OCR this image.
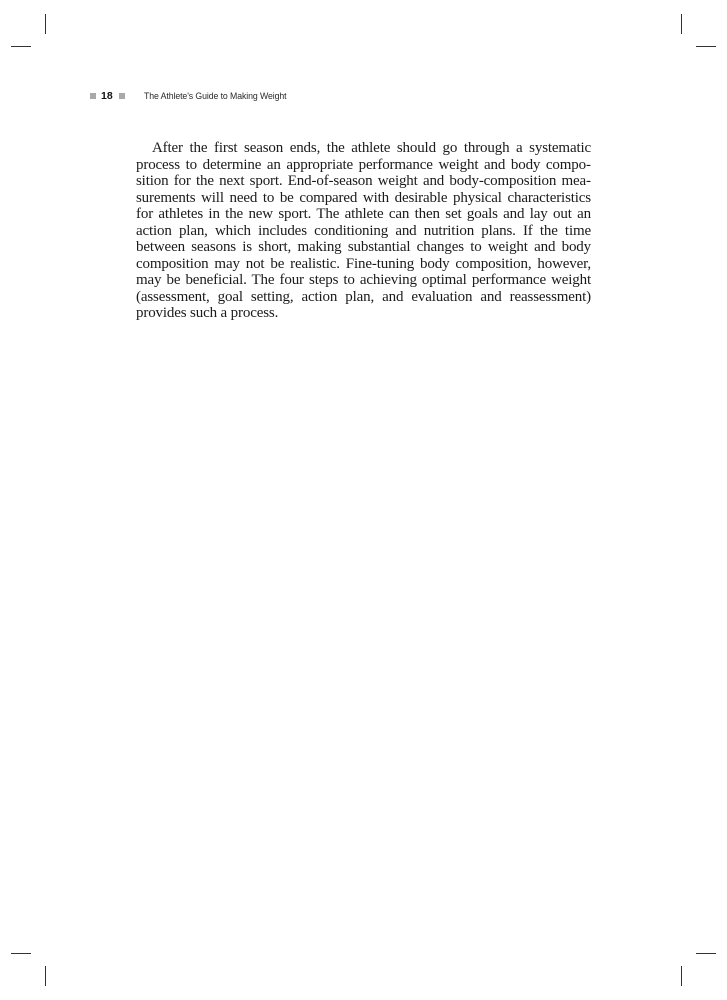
18	The Athlete's Guide to Making Weight

After the first season ends, the athlete should go through a systematic process to determine an appropriate performance weight and body composition for the next sport. End-of-season weight and body-composition measurements will need to be compared with desirable physical characteristics for athletes in the new sport. The athlete can then set goals and lay out an action plan, which includes conditioning and nutrition plans. If the time between seasons is short, making substantial changes to weight and body composition may not be realistic. Fine-tuning body composition, however, may be beneficial. The four steps to achieving optimal performance weight (assessment, goal setting, action plan, and evaluation and reassessment) provides such a process.
